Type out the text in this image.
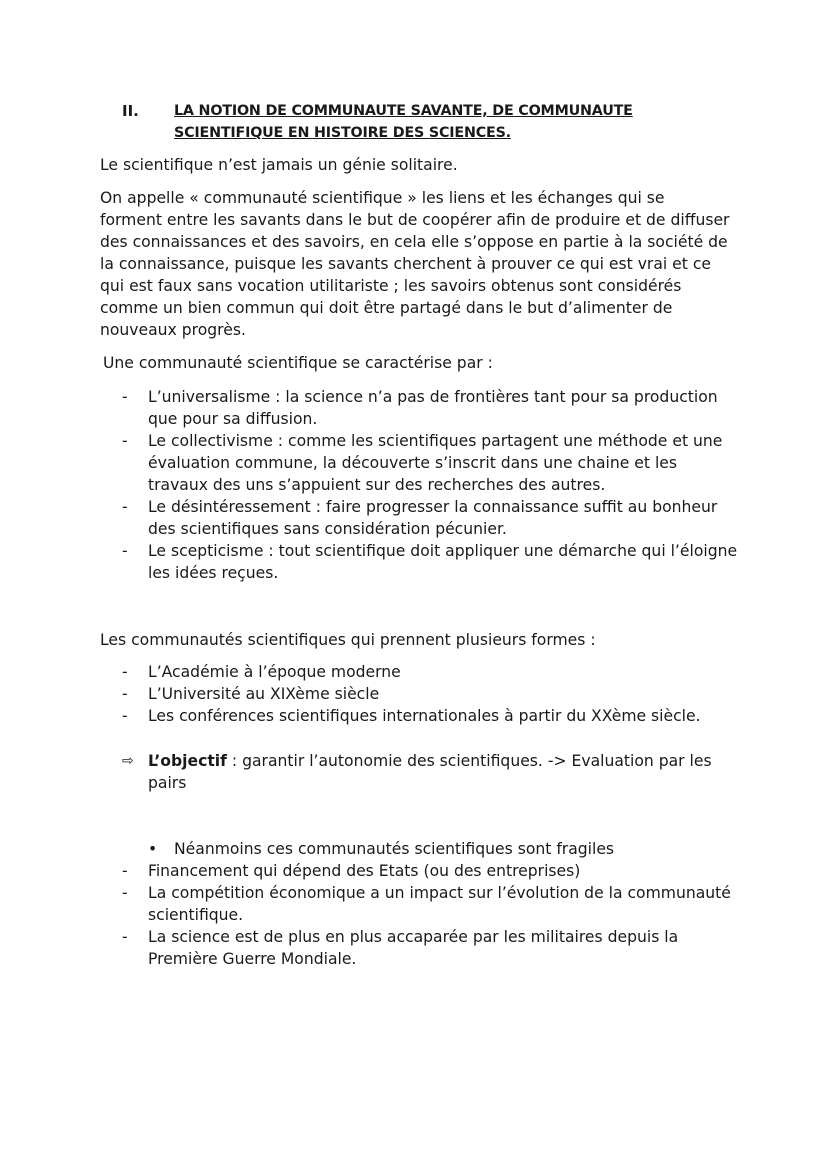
II. LA NOTION DE COMMUNAUTE SAVANTE, DE COMMUNAUTE SCIENTIFIQUE EN HISTOIRE DES SCIENCES.

Le scientifique n’est jamais un génie solitaire.

On appelle « communauté scientifique » les liens et les échanges qui se forment entre les savants dans le but de coopérer afin de produire et de diffuser des connaissances et des savoirs, en cela elle s’oppose en partie à la société de la connaissance, puisque les savants cherchent à prouver ce qui est vrai et ce qui est faux sans vocation utilitariste ; les savoirs obtenus sont considérés comme un bien commun qui doit être partagé dans le but d’alimenter de nouveaux progrès.

Une communauté scientifique se caractérise par :

- L’universalisme : la science n’a pas de frontières tant pour sa production que pour sa diffusion.
- Le collectivisme : comme les scientifiques partagent une méthode et une évaluation commune, la découverte s’inscrit dans une chaine et les travaux des uns s’appuient sur des recherches des autres.
- Le désintéressement : faire progresser la connaissance suffit au bonheur des scientifiques sans considération pécunier.
- Le scepticisme : tout scientifique doit appliquer une démarche qui l’éloigne les idées reçues.

Les communautés scientifiques qui prennent plusieurs formes :

- L’Académie à l’époque moderne
- L’Université au XIXème siècle
- Les conférences scientifiques internationales à partir du XXème siècle.
⇨ L’objectif : garantir l’autonomie des scientifiques. -> Evaluation par les pairs
• Néanmoins ces communautés scientifiques sont fragiles
- Financement qui dépend des Etats (ou des entreprises)
- La compétition économique a un impact sur l’évolution de la communauté scientifique.
- La science est de plus en plus accaparée par les militaires depuis la Première Guerre Mondiale.
